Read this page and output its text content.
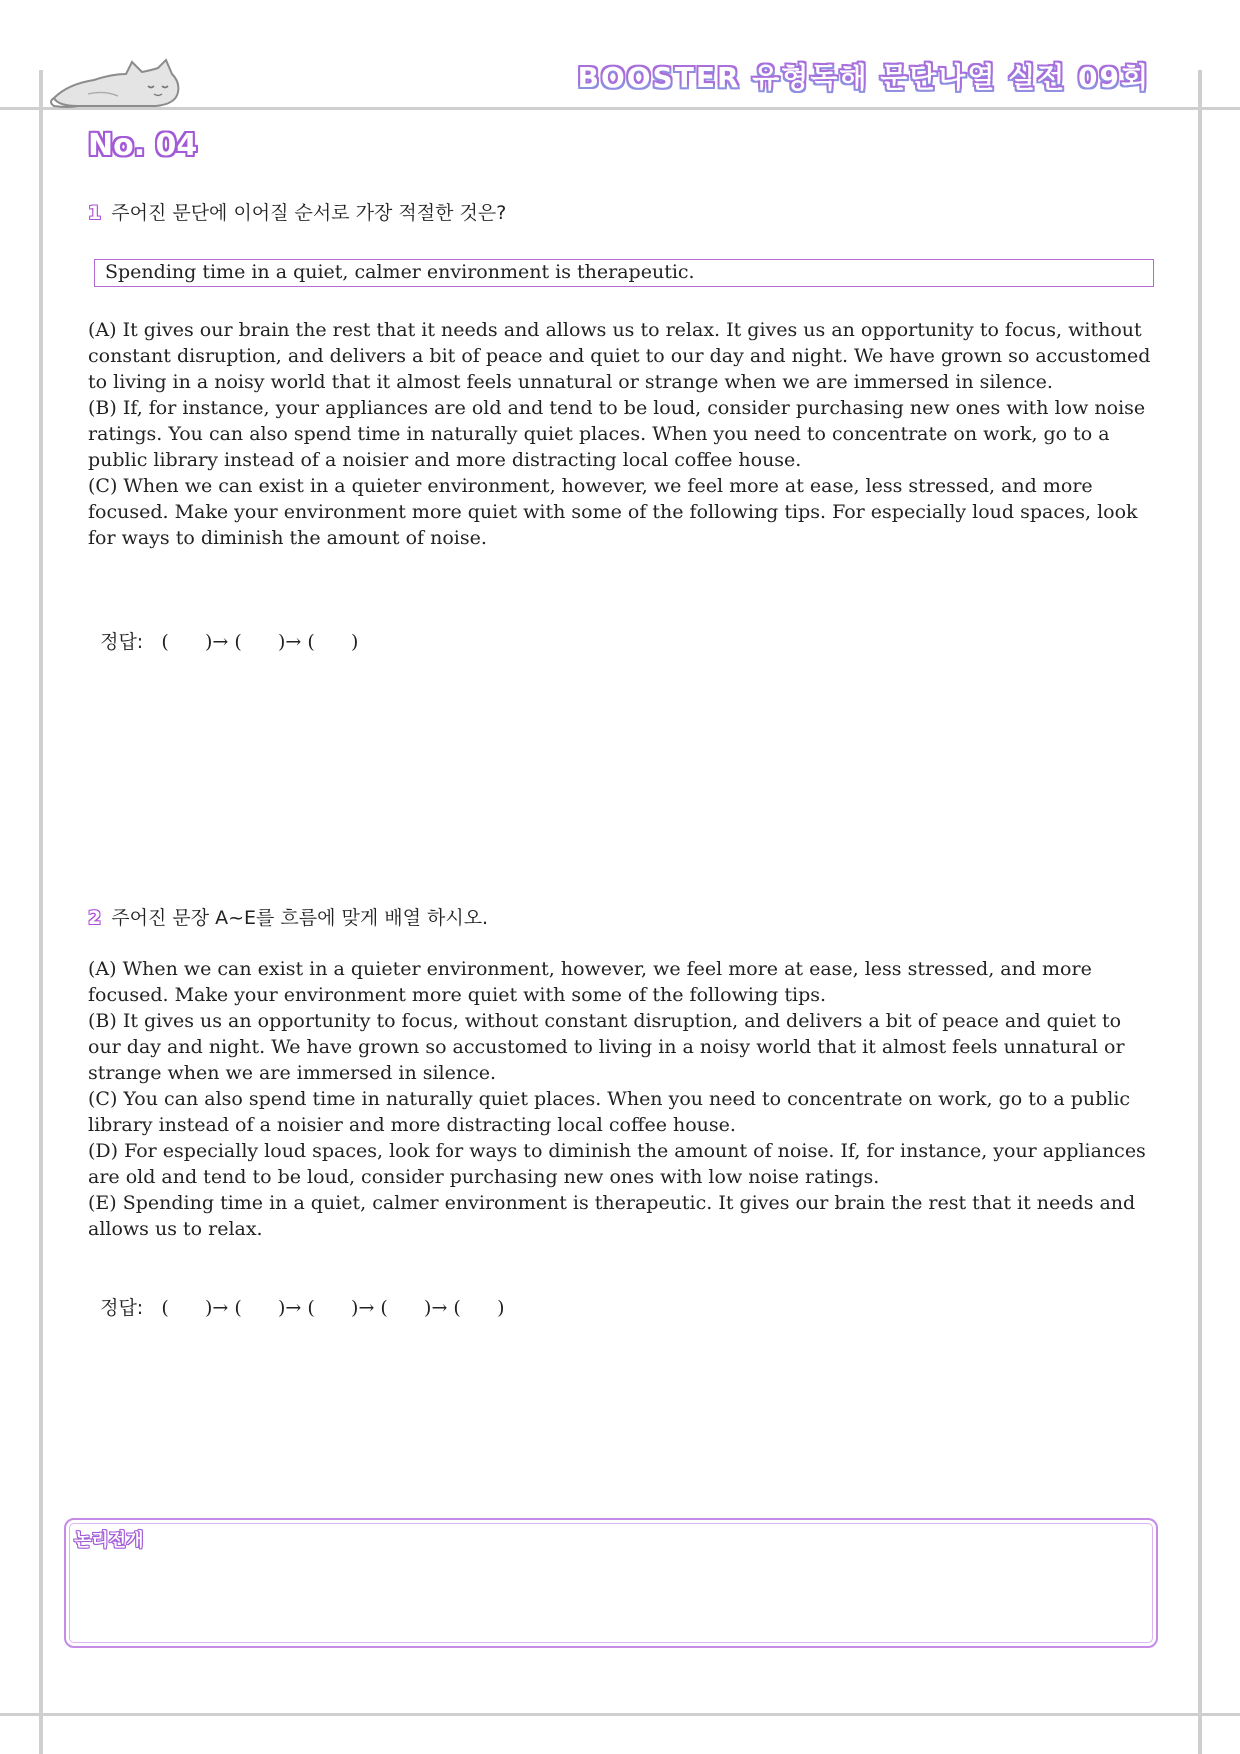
BOOSTER 유형독해 문단나열 실전 09회
No. 04
1 주어진 문단에 이어질 순서로 가장 적절한 것은?
Spending time in a quiet, calmer environment is therapeutic.

(A) It gives our brain the rest that it needs and allows us to relax. It gives us an opportunity to focus, without constant disruption, and delivers a bit of peace and quiet to our day and night. We have grown so accustomed to living in a noisy world that it almost feels unnatural or strange when we are immersed in silence.

(B) If, for instance, your appliances are old and tend to be loud, consider purchasing new ones with low noise ratings. You can also spend time in naturally quiet places. When you need to concentrate on work, go to a public library instead of a noisier and more distracting local coffee house.

(C) When we can exist in a quieter environment, however, we feel more at ease, less stressed, and more focused. Make your environment more quiet with some of the following tips. For especially loud spaces, look for ways to diminish the amount of noise.

정답: (      )→ (      )→ (      )

2 주어진 문장 A~E를 흐름에 맞게 배열 하시오.

(A) When we can exist in a quieter environment, however, we feel more at ease, less stressed, and more focused. Make your environment more quiet with some of the following tips.

(B) It gives us an opportunity to focus, without constant disruption, and delivers a bit of peace and quiet to our day and night. We have grown so accustomed to living in a noisy world that it almost feels unnatural or strange when we are immersed in silence.

(C) You can also spend time in naturally quiet places. When you need to concentrate on work, go to a public library instead of a noisier and more distracting local coffee house.

(D) For especially loud spaces, look for ways to diminish the amount of noise. If, for instance, your appliances are old and tend to be loud, consider purchasing new ones with low noise ratings.

(E) Spending time in a quiet, calmer environment is therapeutic. It gives our brain the rest that it needs and allows us to relax.

정답: (      )→ (      )→ (      )→ (      )→ (      )

논리전개
